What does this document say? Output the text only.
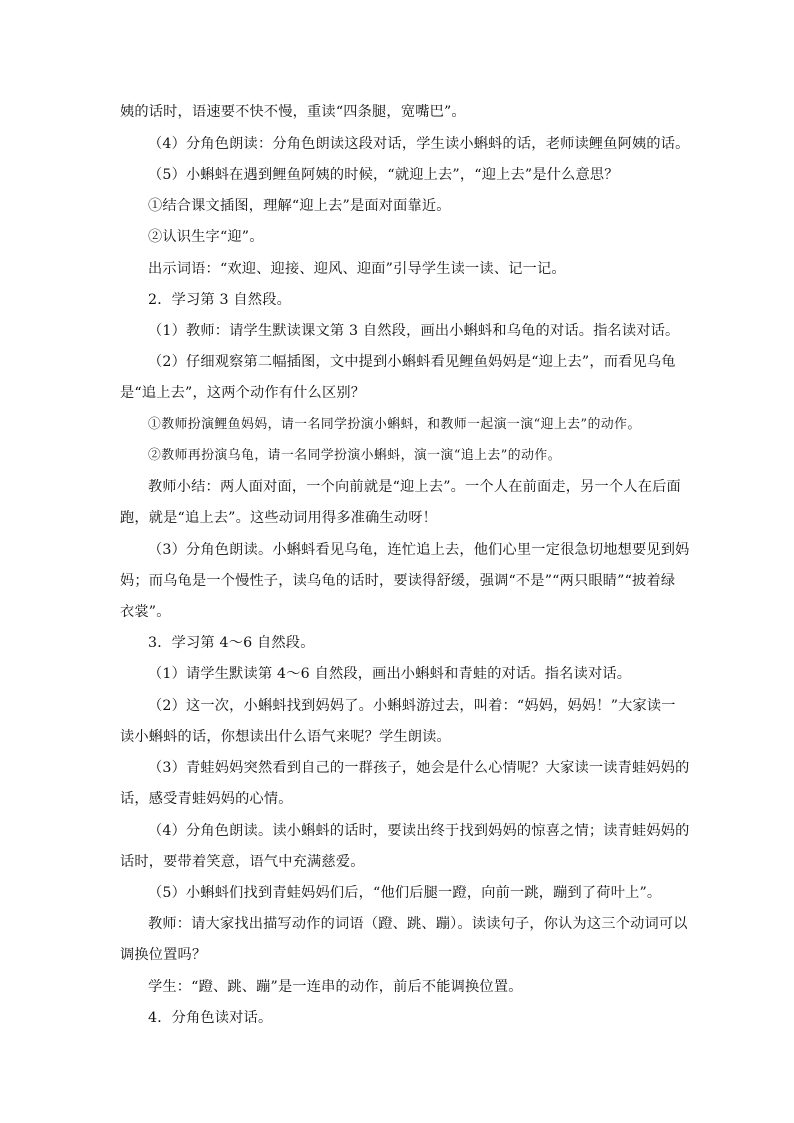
姨的话时，语速要不快不慢，重读“四条腿，宽嘴巴”。
（4）分角色朗读：分角色朗读这段对话，学生读小蝌蚪的话，老师读鲤鱼阿姨的话。
（5）小蝌蚪在遇到鲤鱼阿姨的时候，“就迎上去”，“迎上去”是什么意思？
①结合课文插图，理解“迎上去”是面对面靠近。
②认识生字“迎”。
出示词语：“欢迎、迎接、迎风、迎面”引导学生读一读、记一记。
2．学习第 3 自然段。
（1）教师：请学生默读课文第 3 自然段，画出小蝌蚪和乌龟的对话。指名读对话。
（2）仔细观察第二幅插图，文中提到小蝌蚪看见鲤鱼妈妈是“迎上去”，而看见乌龟
是“追上去”，这两个动作有什么区别？
①教师扮演鲤鱼妈妈，请一名同学扮演小蝌蚪，和教师一起演一演“迎上去”的动作。
②教师再扮演乌龟，请一名同学扮演小蝌蚪，演一演“追上去”的动作。
教师小结：两人面对面，一个向前就是“迎上去”。一个人在前面走，另一个人在后面
跑，就是“追上去”。这些动词用得多准确生动呀！
（3）分角色朗读。小蝌蚪看见乌龟，连忙追上去，他们心里一定很急切地想要见到妈
妈；而乌龟是一个慢性子，读乌龟的话时，要读得舒缓，强调“不是”“两只眼睛”“披着绿
衣裳”。
3．学习第 4～6 自然段。
（1）请学生默读第 4～6 自然段，画出小蝌蚪和青蛙的对话。指名读对话。
（2）这一次，小蝌蚪找到妈妈了。小蝌蚪游过去，叫着：“妈妈，妈妈！”大家读一
读小蝌蚪的话，你想读出什么语气来呢？学生朗读。
（3）青蛙妈妈突然看到自己的一群孩子，她会是什么心情呢？大家读一读青蛙妈妈的
话，感受青蛙妈妈的心情。
（4）分角色朗读。读小蝌蚪的话时，要读出终于找到妈妈的惊喜之情；读青蛙妈妈的
话时，要带着笑意，语气中充满慈爱。
（5）小蝌蚪们找到青蛙妈妈们后，“他们后腿一蹬，向前一跳，蹦到了荷叶上”。
教师：请大家找出描写动作的词语（蹬、跳、蹦）。读读句子，你认为这三个动词可以
调换位置吗？
学生：“蹬、跳、蹦”是一连串的动作，前后不能调换位置。
4．分角色读对话。
